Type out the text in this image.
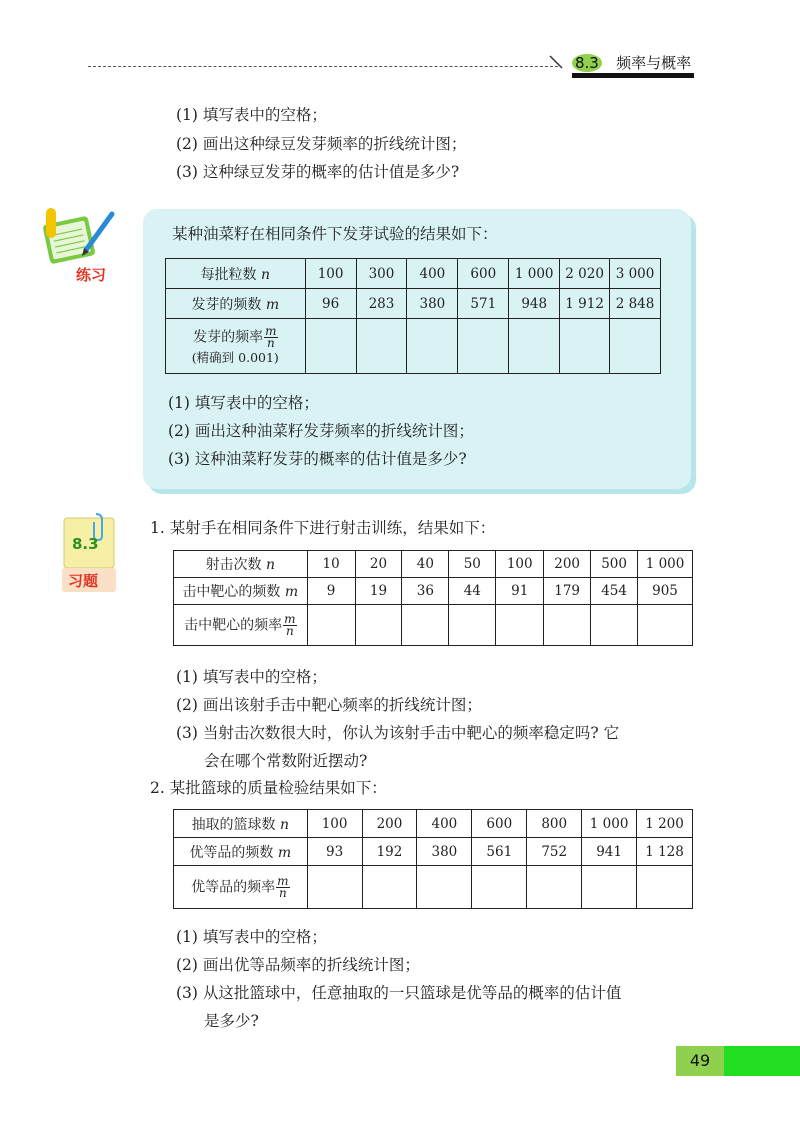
8.3 频率与概率
(1) 填写表中的空格；
(2) 画出这种绿豆发芽频率的折线统计图；
(3) 这种绿豆发芽的概率的估计值是多少?
练习
某种油菜籽在相同条件下发芽试验的结果如下：
每批粒数 n	100	300	400	600	1 000	2 020	3 000
发芽的频数 m	96	283	380	571	948	1 912	2 848
发芽的频率 $\frac{m}{n}$

(精确到 0.001)							
(1) 填写表中的空格；
(2) 画出这种油菜籽发芽频率的折线统计图；
(3) 这种油菜籽发芽的概率的估计值是多少?
8.3
习题
1. 某射手在相同条件下进行射击训练，结果如下：
射击次数 n	10	20	40	50	100	200	500	1 000
击中靶心的频数 m	9	19	36	44	91	179	454	905
击中靶心的频率 $\frac{m}{n}$

(1) 填写表中的空格；
(2) 画出该射手击中靶心频率的折线统计图；
(3) 当射击次数很大时，你认为该射手击中靶心的频率稳定吗? 它
会在哪个常数附近摆动?
2. 某批篮球的质量检验结果如下：
抽取的篮球数 n	100	200	400	600	800	1 000	1 200
优等品的频数 m	93	192	380	561	752	941	1 128
优等品的频率 $\frac{m}{n}$

(1) 填写表中的空格；
(2) 画出优等品频率的折线统计图；
(3) 从这批篮球中，任意抽取的一只篮球是优等品的概率的估计值
是多少?
49
